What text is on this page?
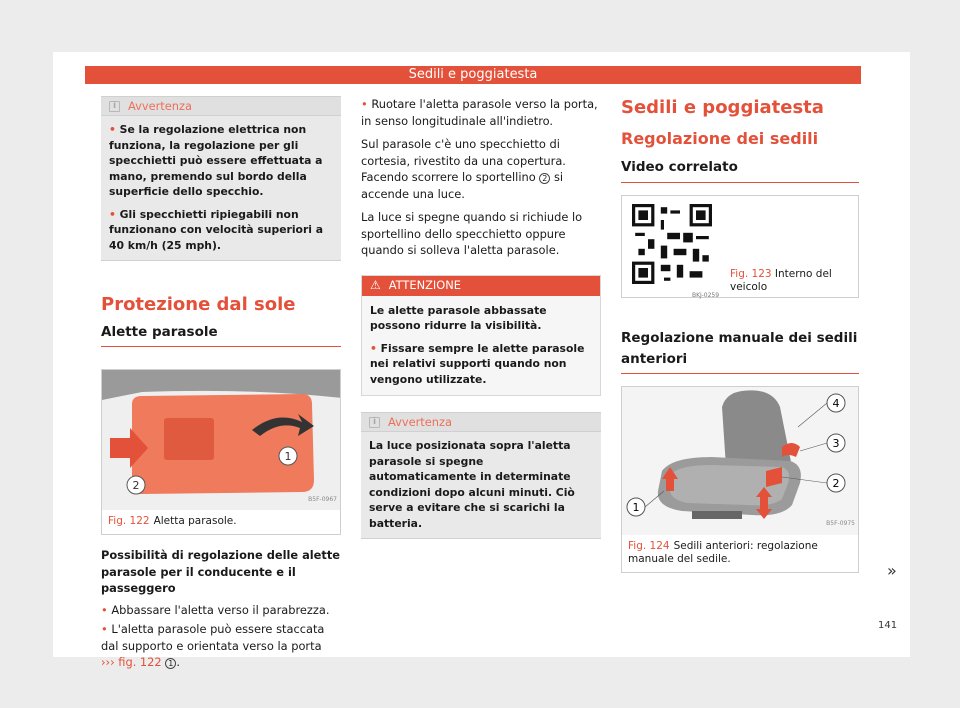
Sedili e poggiatesta
i	Avvertenza
• Se la regolazione elettrica non funziona, la regolazione per gli specchietti può essere effettuata a mano, premendo sul bordo della superficie dello specchio.
• Gli specchietti ripiegabili non funzionano con velocità superiori a 40 km/h (25 mph).
Protezione dal sole
Alette parasole
1
2
B5F-0967
Fig. 122 Aletta parasole.
Possibilità di regolazione delle alette parasole per il conducente e il passeggero
• Abbassare l'aletta verso il parabrezza.
• L'aletta parasole può essere staccata dal supporto e orientata verso la porta
››› fig. 122 1 .
• Ruotare l'aletta parasole verso la porta, in senso longitudinale all'indietro.
Sul parasole c'è uno specchietto di cortesia, rivestito da una copertura. Facendo scorrere lo sportellino 2 si accende una luce.
La luce si spegne quando si richiude lo sportellino dello specchietto oppure quando si solleva l'aletta parasole.
⚠ ATTENZIONE
Le alette parasole abbassate possono ridurre la visibilità.
• Fissare sempre le alette parasole nei relativi supporti quando non vengono utilizzate.
i	Avvertenza
La luce posizionata sopra l'aletta parasole si spegne automaticamente in determinate condizioni dopo alcuni minuti. Ciò serve a evitare che si scarichi la batteria.
Sedili e poggiatesta
Regolazione dei sedili
Video correlato
BKJ-0259
Fig. 123 Interno del veicolo
Regolazione manuale dei sedili anteriori
4
3
2
1
B5F-0975
Fig. 124 Sedili anteriori: regolazione manuale del sedile.
»
141
